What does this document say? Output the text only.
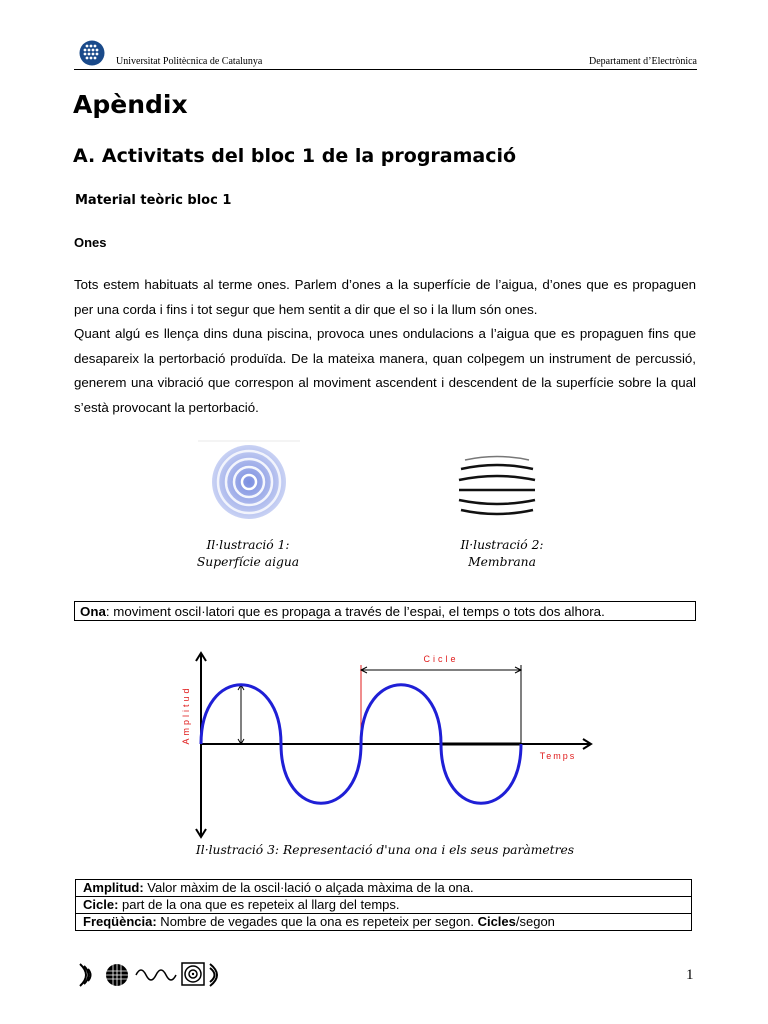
Universitat Politècnica de Catalunya	Departament d’Electrònica
Apèndix
A. Activitats del bloc 1 de la programació
Material teòric bloc 1
Ones

Tots estem habituats al terme ones. Parlem d’ones a la superfície de l’aigua, d’ones que es propaguen per una corda i fins i tot segur que hem sentit a dir que el so i la llum són ones.

Quant algú es llença dins duna piscina, provoca unes ondulacions a l’aigua que es propaguen fins que desapareix la pertorbació produïda. De la mateixa manera, quan colpegem un instrument de percussió, generem una vibració que correspon al moviment ascendent i descendent de la superfície sobre la qual s’està provocant la pertorbació.

Il·lustració 1:
Superfície aigua
Il·lustració 2:
Membrana
Ona: moviment oscil·latori que es propaga a través de l’espai, el temps o tots dos alhora.
Cicle
Amplitud
Temps
Il·lustració 3: Representació d'una ona i els seus paràmetres
Amplitud: Valor màxim de la oscil·lació o alçada màxima de la ona.
Cicle: part de la ona que es repeteix al llarg del temps.
Freqüència: Nombre de vegades que la ona es repeteix per segon. Cicles/segon
1
